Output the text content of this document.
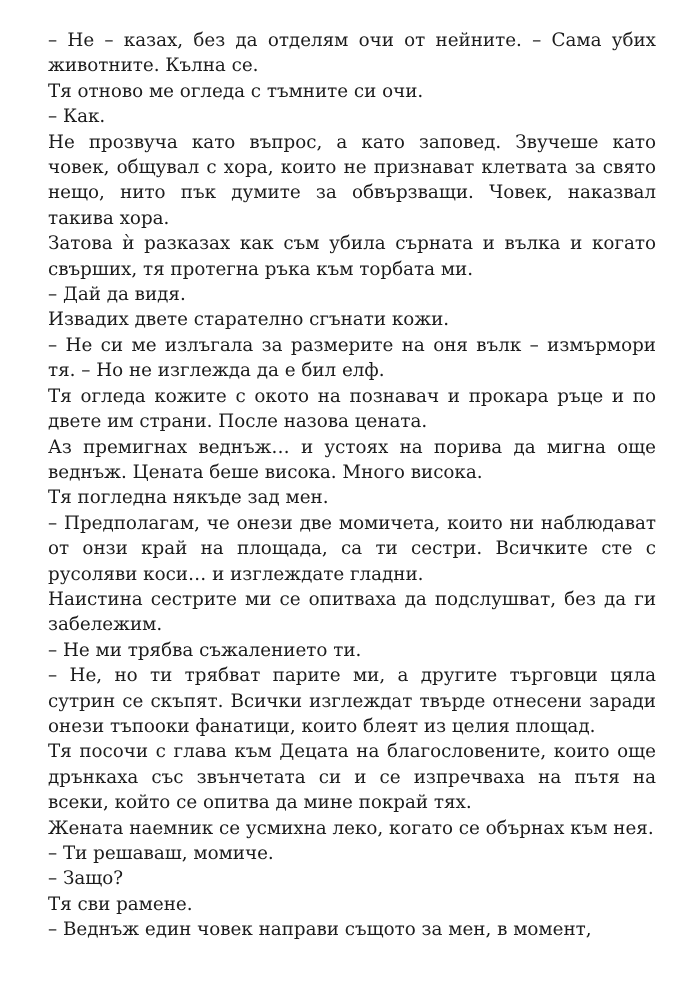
– Не – казах, без да отделям очи от нейните. – Сама убих животните. Кълна се.

Тя отново ме огледа с тъмните си очи.

– Как.

Не прозвуча като въпрос, а като заповед. Звучеше като човек, общувал с хора, които не признават клетвата за свято нещо, нито пък думите за обвързващи. Човек, наказвал такива хора.

Затова ѝ разказах как съм убила сърната и вълка и когато свърших, тя протегна ръка към торбата ми.

– Дай да видя.

Извадих двете старателно сгънати кожи.

– Не си ме излъгала за размерите на оня вълк – измърмори тя. – Но не изглежда да е бил елф.

Тя огледа кожите с окото на познавач и прокара ръце и по двете им страни. После назова цената.

Аз премигнах веднъж… и устоях на порива да мигна още веднъж. Цената беше висока. Много висока.

Тя погледна някъде зад мен.

– Предполагам, че онези две момичета, които ни наблюдават от онзи край на площада, са ти сестри. Всичките сте с русоляви коси… и изглеждате гладни.

Наистина сестрите ми се опитваха да подслушват, без да ги забележим.

– Не ми трябва съжалението ти.

– Не, но ти трябват парите ми, а другите търговци цяла сутрин се скъпят. Всички изглеждат твърде отнесени заради онези тъпооки фанатици, които блеят из целия площад.

Тя посочи с глава към Децата на благословените, които още дрънкаха със звънчетата си и се изпречваха на пътя на всеки, който се опитва да мине покрай тях.

Жената наемник се усмихна леко, когато се обърнах към нея.

– Ти решаваш, момиче.

– Защо?

Тя сви рамене.

– Веднъж един човек направи същото за мен, в момент,
